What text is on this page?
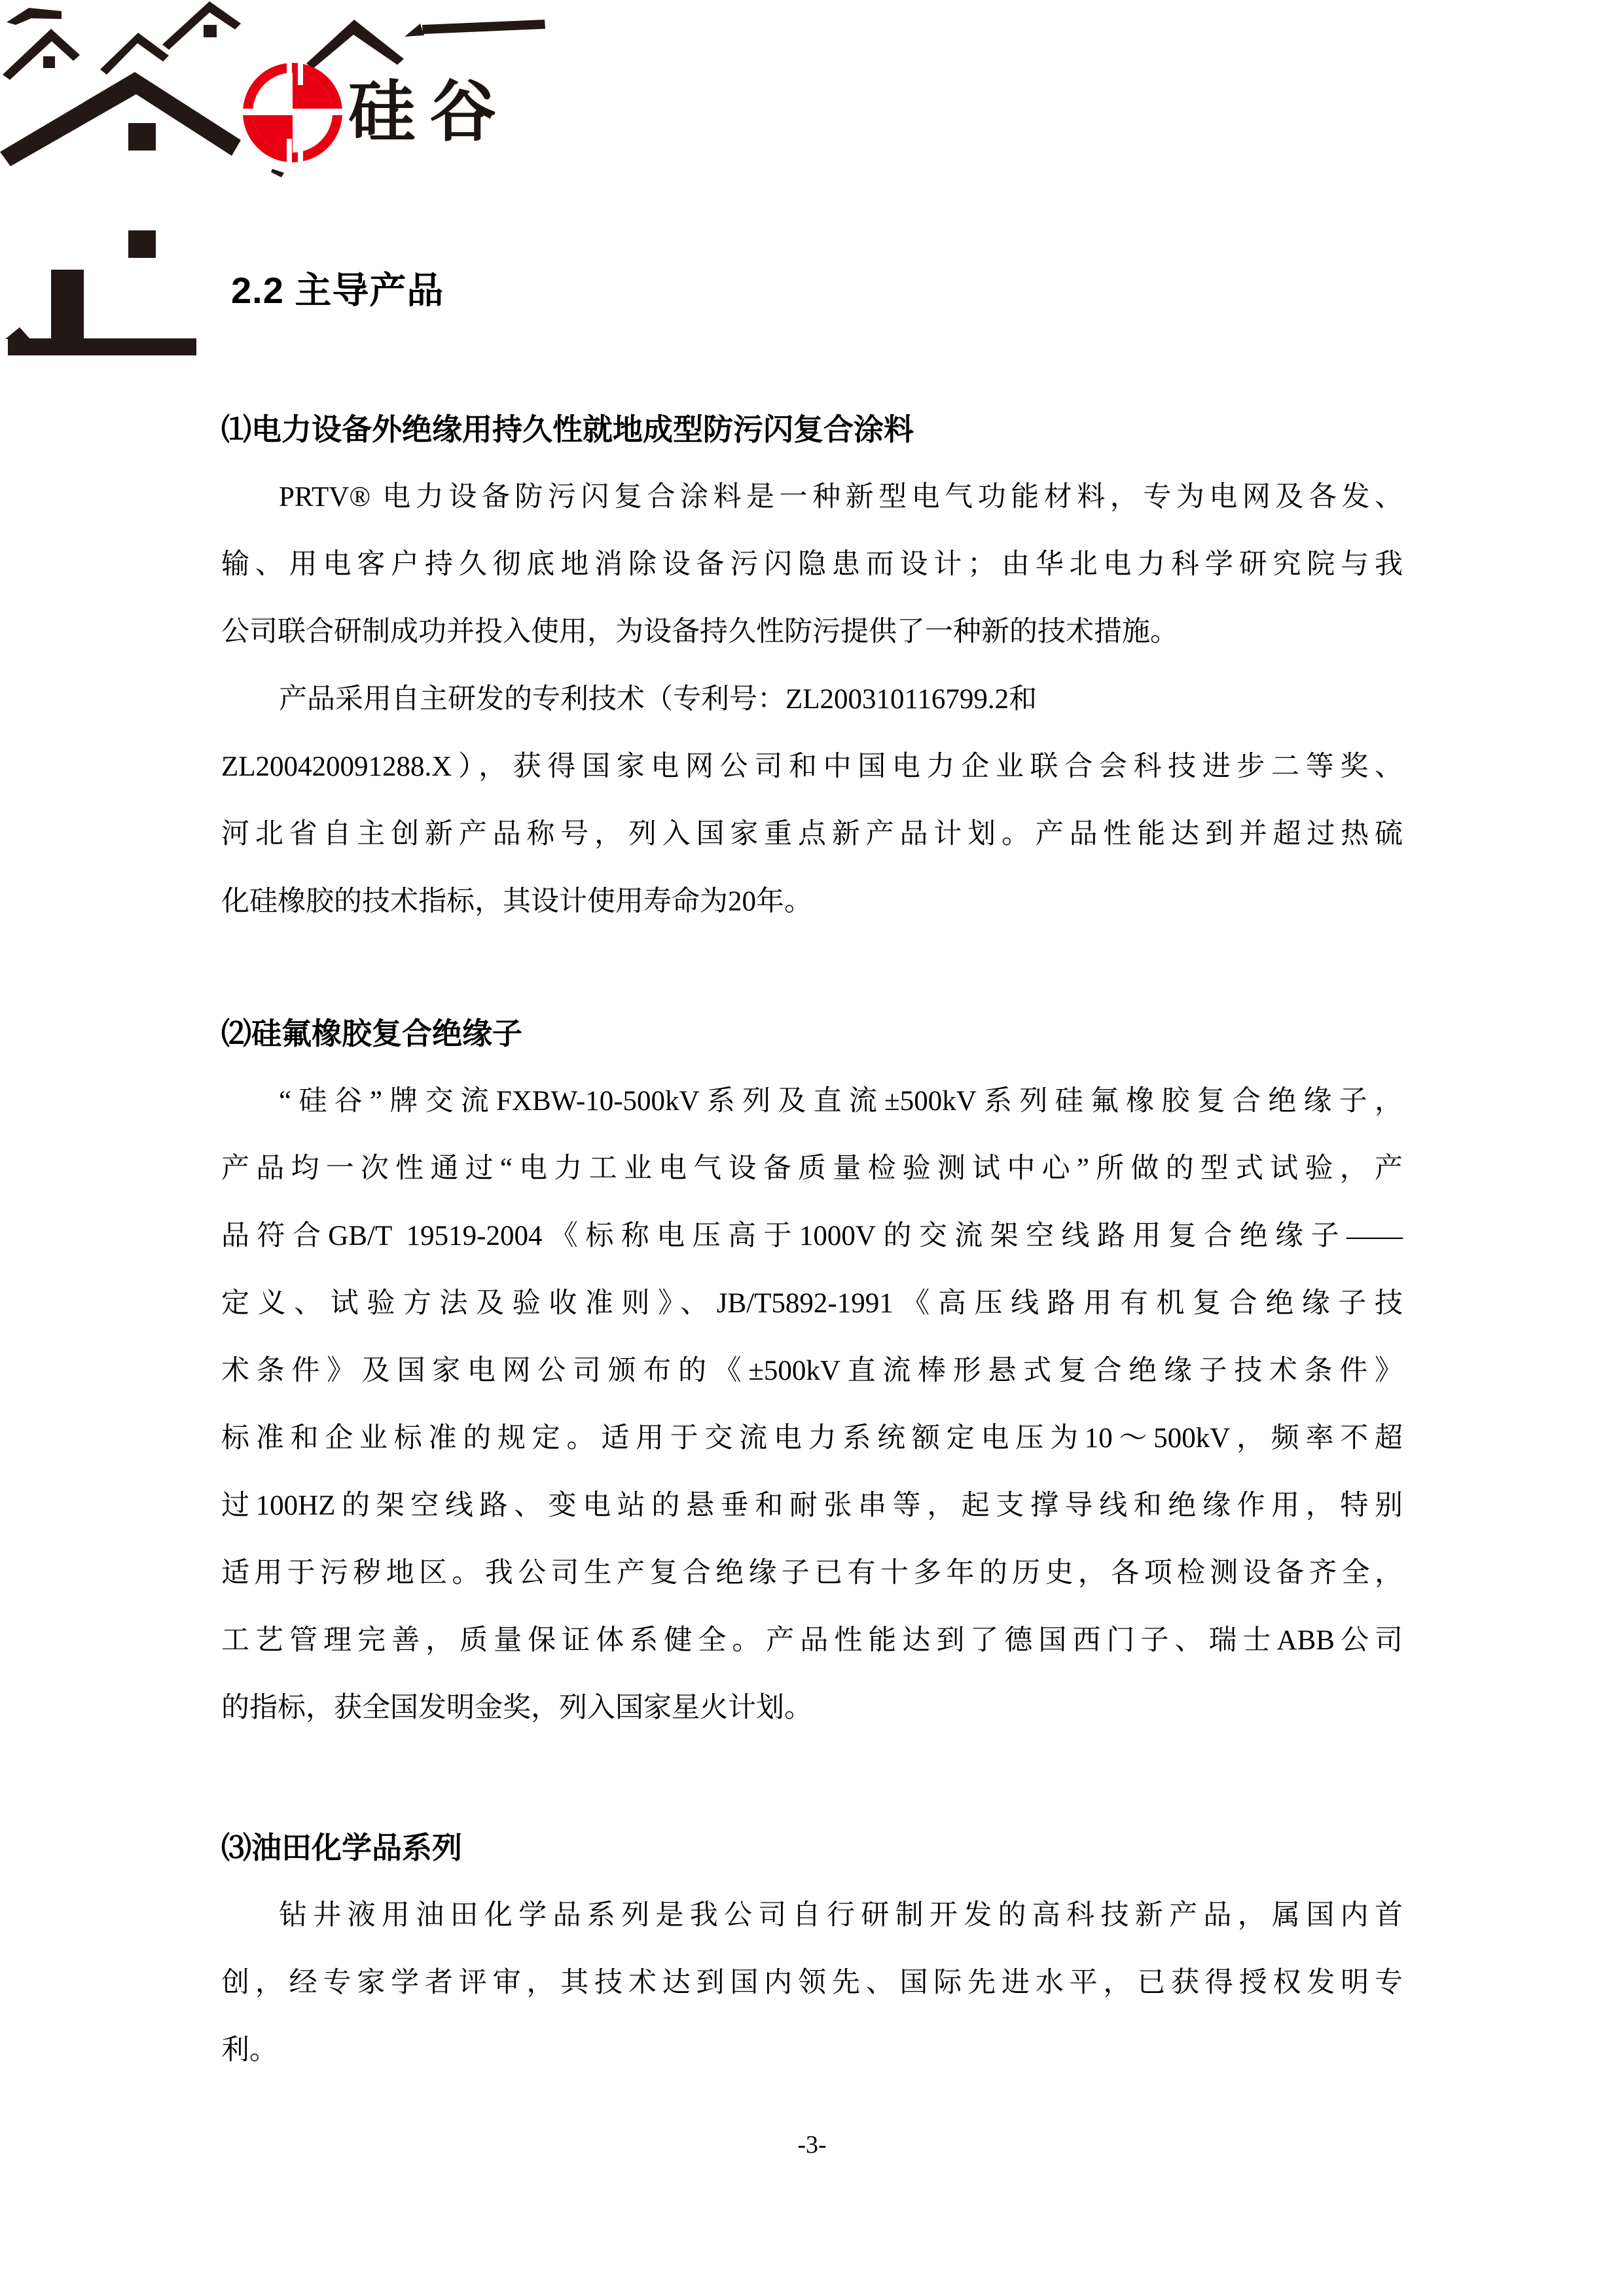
硅谷
2.2 主导产品
⑴电力设备外绝缘用持久性就地成型防污闪复合涂料
PRTV® 电力设备防污闪复合涂料是一种新型电气功能材料，专为电网及各发、
输、用电客户持久彻底地消除设备污闪隐患而设计；由华北电力科学研究院与我
公司联合研制成功并投入使用，为设备持久性防污提供了一种新的技术措施。
产品采用自主研发的专利技术（专利号：ZL200310116799.2和
ZL200420091288.X），获得国家电网公司和中国电力企业联合会科技进步二等奖、
河北省自主创新产品称号，列入国家重点新产品计划。产品性能达到并超过热硫
化硅橡胶的技术指标，其设计使用寿命为20年。
⑵硅氟橡胶复合绝缘子
“硅谷”牌交流FXBW-10-500kV系列及直流±500kV系列硅氟橡胶复合绝缘子，
产品均一次性通过“电力工业电气设备质量检验测试中心”所做的型式试验，产
品符合GB/T 19519-2004《标称电压高于1000V的交流架空线路用复合绝缘子——
定义、试验方法及验收准则》、JB/T5892-1991《高压线路用有机复合绝缘子技
术条件》及国家电网公司颁布的《±500kV直流棒形悬式复合绝缘子技术条件》
标准和企业标准的规定。适用于交流电力系统额定电压为10～500kV，频率不超
过100HZ的架空线路、变电站的悬垂和耐张串等，起支撑导线和绝缘作用，特别
适用于污秽地区。我公司生产复合绝缘子已有十多年的历史，各项检测设备齐全，
工艺管理完善，质量保证体系健全。产品性能达到了德国西门子、瑞士ABB公司
的指标，获全国发明金奖，列入国家星火计划。
⑶油田化学品系列
钻井液用油田化学品系列是我公司自行研制开发的高科技新产品，属国内首
创，经专家学者评审，其技术达到国内领先、国际先进水平，已获得授权发明专
利。
-3-
